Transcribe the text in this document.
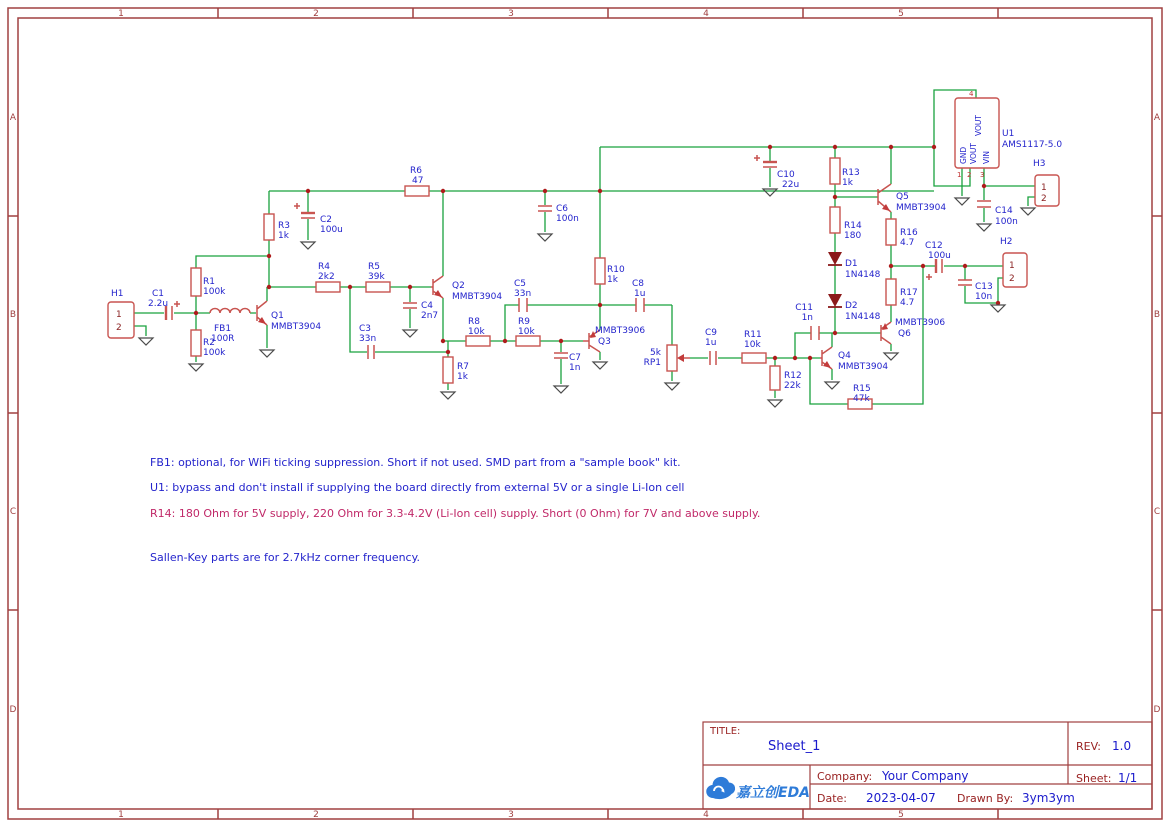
1	2	3	4	5
1	2	3	4	5
A
B
C
D
A
B
C
D
H1
1
2
H2
1
2
H3
1
2
4
1 2 3
VOUT
GND VOUT VIN
U1
AMS1117-5.0
C1
2.2u
R1
100k
R2
100k
FB1
100R
Q1
MMBT3904
R3
1k
C2
100u
R4
2k2
R5
39k
C3
33n
C4
2n7
Q2
MMBT3904
R6
47
C6
100n
R7
1k
R8
10k
R9
10k
C5
33n
C7
1n
R10
1k C8
1u
MMBT3906
Q3
5k
RP1
C9
1u
R11
10k
R12
22k
C10
22u
R13
1k
R14
180
D1
1N4148
D2
1N4148
C11
1n
Q4
MMBT3904
R15
47k
Q5
MMBT3904
R16
4.7
R17
4.7
MMBT3906
Q6
C12
100u
C13
10n
C14
100n
FB1: optional, for WiFi ticking suppression. Short if not used. SMD part from a "sample book" kit.
U1: bypass and don't install if supplying the board directly from external 5V or a single Li-Ion cell
R14: 180 Ohm for 5V supply, 220 Ohm for 3.3-4.2V (Li-Ion cell) supply. Short (0 Ohm) for 7V and above supply.
Sallen-Key parts are for 2.7kHz corner frequency.
TITLE:
Sheet_1	REV: 1.0
Company: Your Company	Sheet: 1/1
Date: 2023-04-07 Drawn By: 3ym3ym
嘉立创EDA
